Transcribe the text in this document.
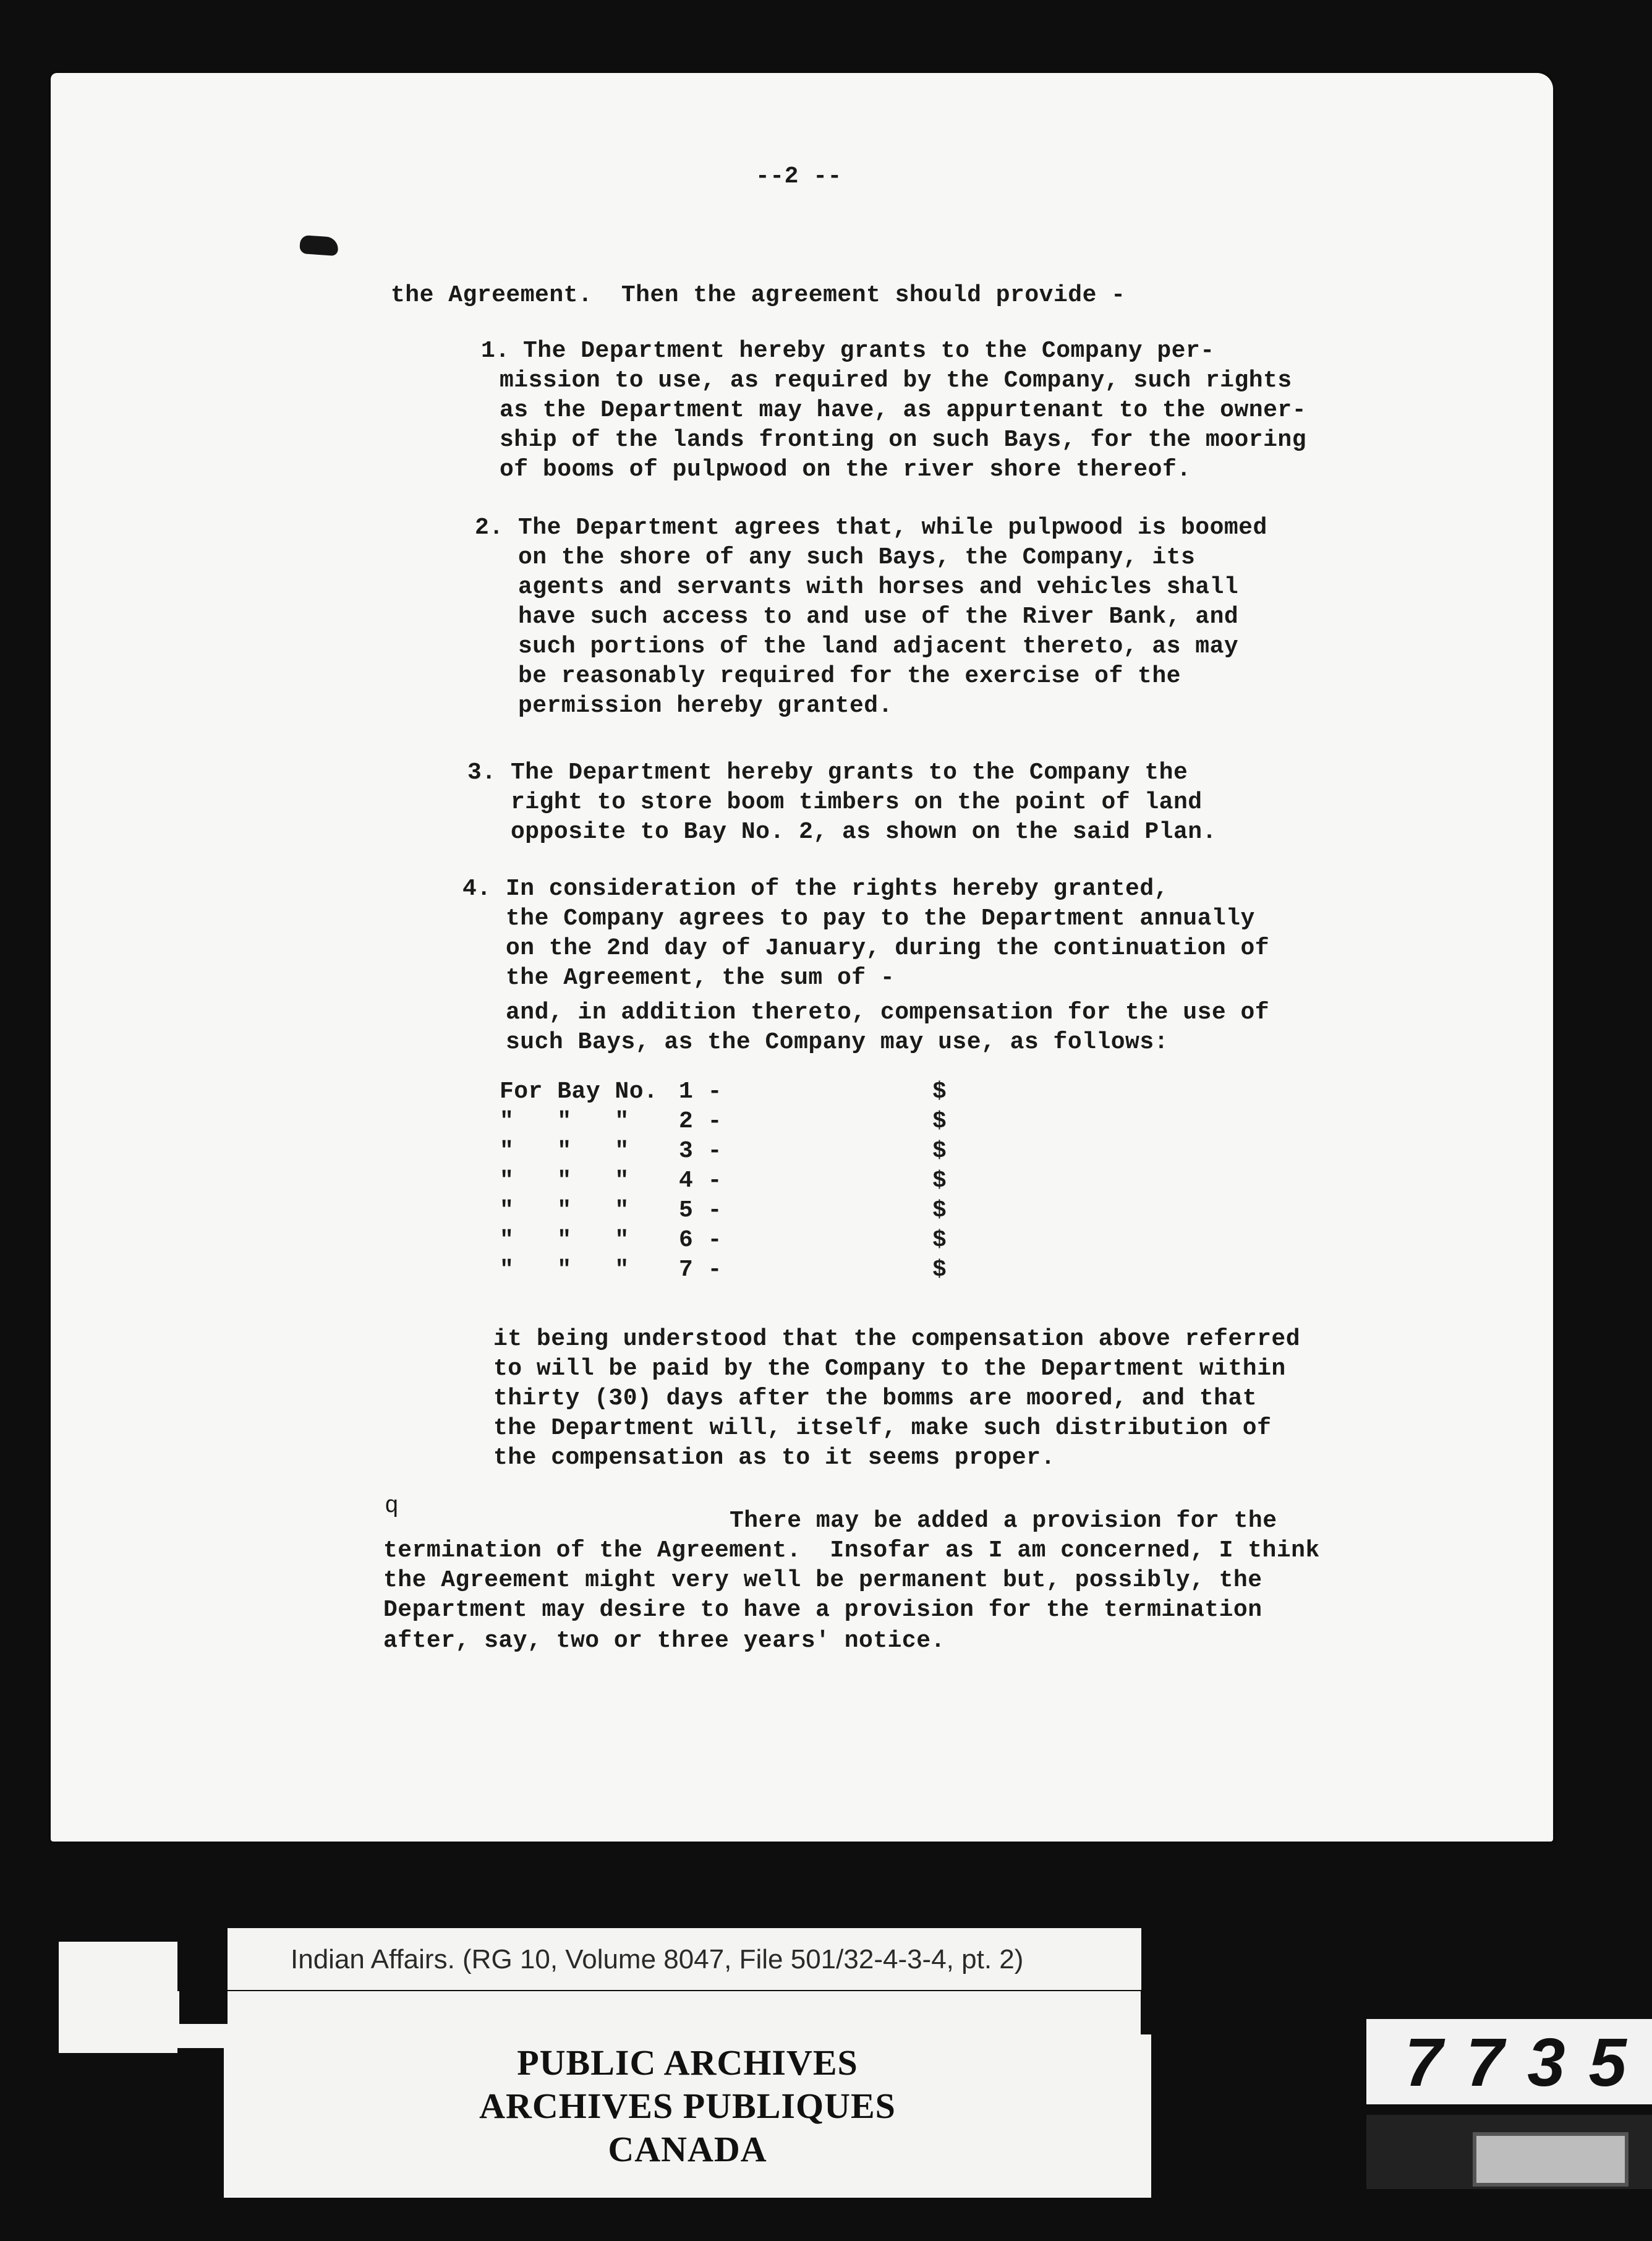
--2 --
the Agreement.  Then the agreement should provide -
1. The Department hereby grants to the Company per-
mission to use, as required by the Company, such rights
as the Department may have, as appurtenant to the owner-
ship of the lands fronting on such Bays, for the mooring
of booms of pulpwood on the river shore thereof.
2. The Department agrees that, while pulpwood is boomed
on the shore of any such Bays, the Company, its
agents and servants with horses and vehicles shall
have such access to and use of the River Bank, and
such portions of the land adjacent thereto, as may
be reasonably required for the exercise of the
permission hereby granted.
3. The Department hereby grants to the Company the
right to store boom timbers on the point of land
opposite to Bay No. 2, as shown on the said Plan.
4. In consideration of the rights hereby granted,
the Company agrees to pay to the Department annually
on the 2nd day of January, during the continuation of
the Agreement, the sum of -
and, in addition thereto, compensation for the use of
such Bays, as the Company may use, as follows:
For Bay No. 1 -	$
"   "   " 2 -	$
"   "   " 3 -	$
"   "   " 4 -	$
"   "   " 5 -	$
"   "   " 6 -	$
"   "   " 7 -	$
it being understood that the compensation above referred
to will be paid by the Company to the Department within
thirty (30) days after the bomms are moored, and that
the Department will, itself, make such distribution of
the compensation as to it seems proper.
q
There may be added a provision for the
termination of the Agreement.  Insofar as I am concerned, I think
the Agreement might very well be permanent but, possibly, the
Department may desire to have a provision for the termination
after, say, two or three years' notice.
Indian Affairs. (RG 10, Volume 8047, File 501/32-4-3-4, pt. 2)
PUBLIC ARCHIVES
ARCHIVES PUBLIQUES
CANADA
7735
